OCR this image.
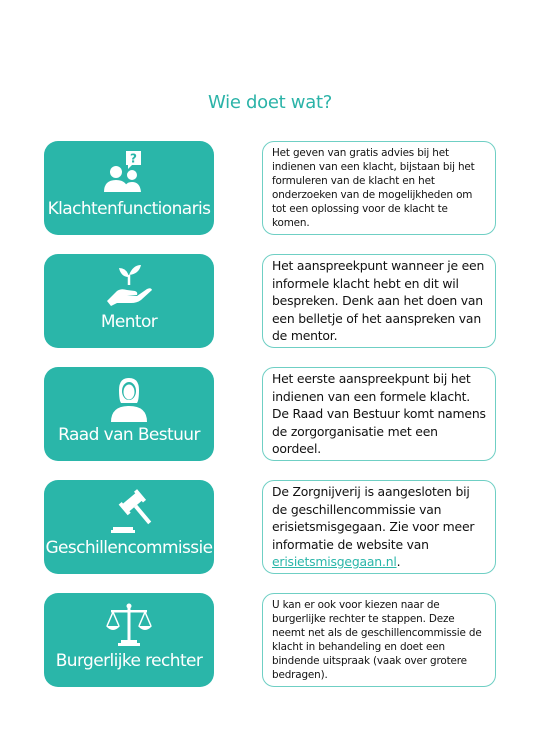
Wie doet wat?
?
Klachtenfunctionaris
Het geven van gratis advies bij het indienen van een klacht, bijstaan bij het formuleren van de klacht en het onderzoeken van de mogelijkheden om tot een oplossing voor de klacht te komen.
Mentor
Het aanspreekpunt wanneer je een informele klacht hebt en dit wil bespreken. Denk aan het doen van een belletje of het aanspreken van de mentor.
Raad van Bestuur
Het eerste aanspreekpunt bij het indienen van een formele klacht. De Raad van Bestuur komt namens de zorgorganisatie met een oordeel.
Geschillencommissie
De Zorgnijverij is aangesloten bij de geschillencommissie van erisietsmisgegaan. Zie voor meer informatie de website van erisietsmisgegaan.nl.
Burgerlijke rechter
U kan er ook voor kiezen naar de burgerlijke rechter te stappen. Deze neemt net als de geschillencommissie de klacht in behandeling en doet een bindende uitspraak (vaak over grotere bedragen).
